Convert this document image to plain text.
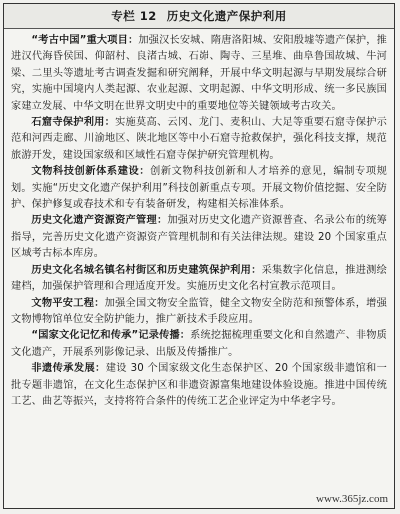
专栏 12 历史文化遗产保护利用

“考古中国”重大项目：加强汉长安城、隋唐洛阳城、安阳殷墟等遗产保护，推进汉代海昏侯国、仰韶村、良渚古城、石峁、陶寺、三星堆、曲阜鲁国故城、牛河梁、二里头等遗址考古调查发掘和研究阐释，开展中华文明起源与早期发展综合研究，实施中国境内人类起源、农业起源、文明起源、中华文明形成、统一多民族国家建立发展、中华文明在世界文明史中的重要地位等关键领域考古攻关。

石窟寺保护利用：实施莫高、云冈、龙门、麦积山、大足等重要石窟寺保护示范和河西走廊、川渝地区、陕北地区等中小石窟寺抢救保护，强化科技支撑，规范旅游开发，建设国家级和区域性石窟寺保护研究管理机构。

文物科技创新体系建设：创新文物科技创新和人才培养的意见，编制专项规划。实施“历史文化遗产保护利用”科技创新重点专项。开展文物价值挖掘、安全防护、保护修复或春技术和专有装备研发，构建相关标准体系。

历史文化遗产资源资产管理：加强对历史文化遗产资源普查、名录公布的统筹指导，完善历史文化遗产资源资产管理机制和有关法律法规。建设 20 个国家重点区域考古标本库房。

历史文化名城名镇名村街区和历史建筑保护利用：采集数字化信息，推进测绘建档，加强保护管理和合理适度开发。实施历史文化名村宣教示范项目。

文物平安工程：加强全国文物安全监管，健全文物安全防范和预警体系，增强文物博物馆单位安全防护能力，推广新技术手段应用。

“国家文化记忆和传承”记录传播：系统挖掘梳理重要文化和自然遗产、非物质文化遗产，开展系列影像记录、出版及传播推广。

非遗传承发展：建设 30 个国家级文化生态保护区、20 个国家级非遗馆和一批专题非遗馆，在文化生态保护区和非遗资源富集地建设体验设施。推进中国传统工艺、曲艺等振兴，支持将符合条件的传统工艺企业评定为中华老字号。

www.365jz.com
